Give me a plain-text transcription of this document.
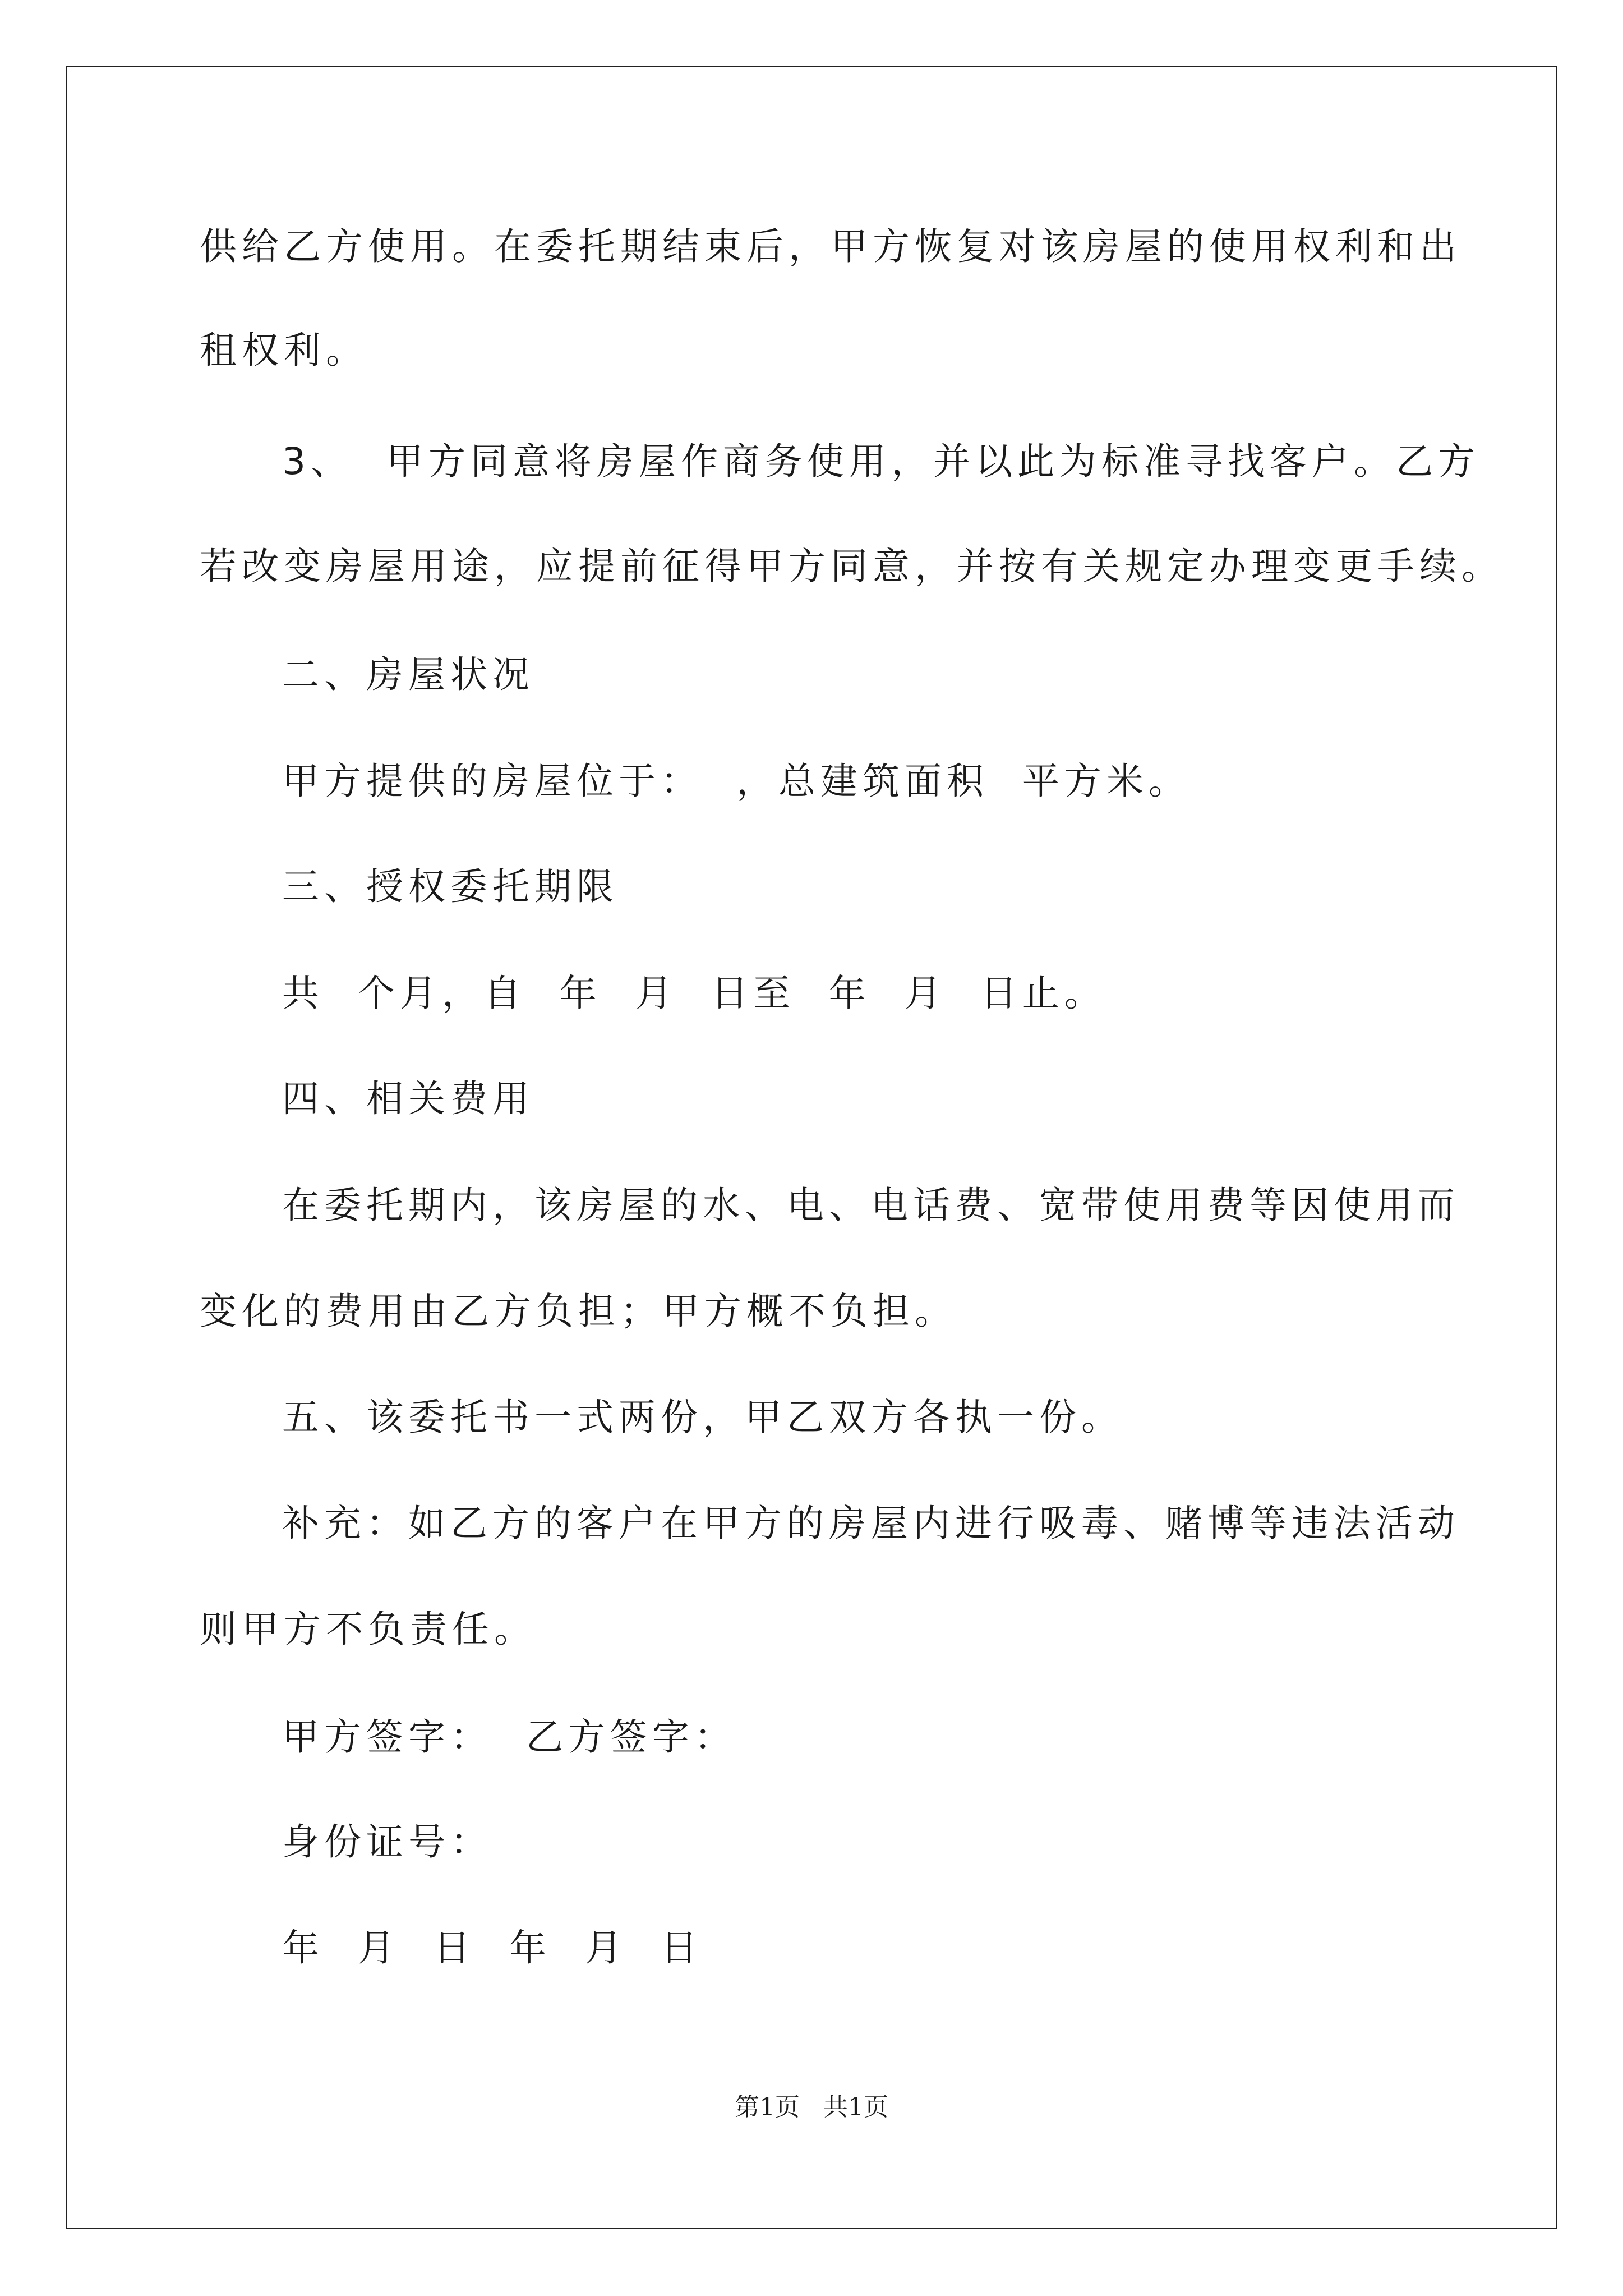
供给乙方使用。在委托期结束后，甲方恢复对该房屋的使用权利和出
租权利。
3、  甲方同意将房屋作商务使用，并以此为标准寻找客户。乙方
若改变房屋用途，应提前征得甲方同意，并按有关规定办理变更手续。
二、房屋状况
甲方提供的房屋位于：  ，总建筑面积  平方米。
三、授权委托期限
共  个月，自  年  月  日至  年  月  日止。
四、相关费用
在委托期内，该房屋的水、电、电话费、宽带使用费等因使用而
变化的费用由乙方负担；甲方概不负担。
五、该委托书一式两份，甲乙双方各执一份。
补充：如乙方的客户在甲方的房屋内进行吸毒、赌博等违法活动
则甲方不负责任。
甲方签字：  乙方签字：
身份证号：
年  月  日  年  月  日
第1页   共1页
